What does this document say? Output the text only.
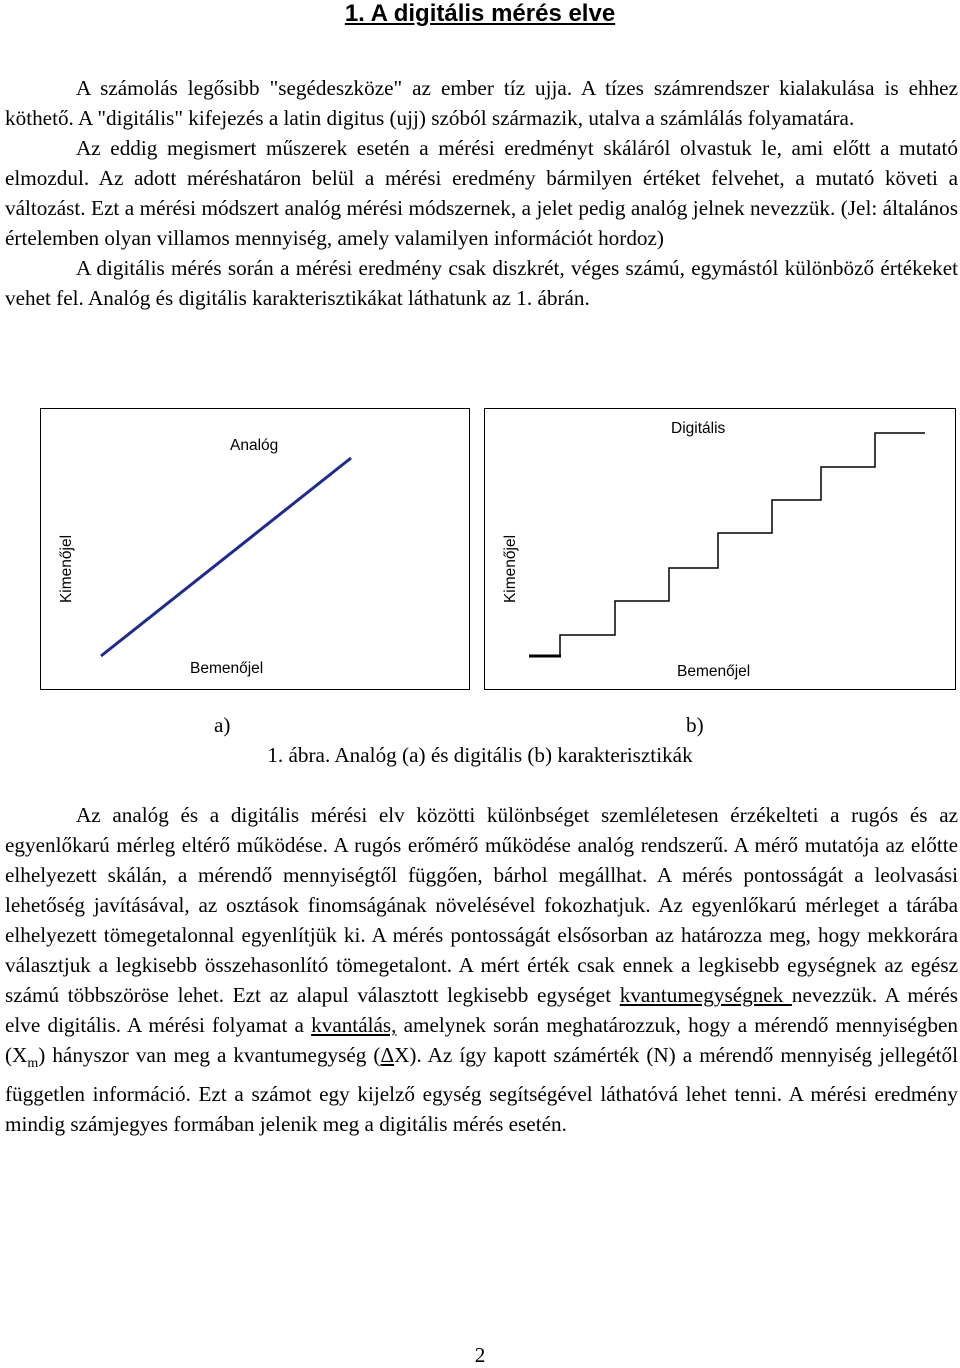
1. A digitális mérés elve

A számolás legősibb "segédeszköze" az ember tíz ujja. A tízes számrendszer kialakulása is ehhez köthető. A "digitális" kifejezés a latin digitus (ujj) szóból származik, utalva a számlálás folyamatára.
Az eddig megismert műszerek esetén a mérési eredményt skáláról olvastuk le, ami előtt a mutató elmozdul. Az adott méréshatáron belül a mérési eredmény bármilyen értéket felvehet, a mutató követi a változást. Ezt a mérési módszert analóg mérési módszernek, a jelet pedig analóg jelnek nevezzük. (Jel: általános értelemben olyan villamos mennyiség, amely valamilyen információt hordoz)
A digitális mérés során a mérési eredmény csak diszkrét, véges számú, egymástól különböző értékeket vehet fel. Analóg és digitális karakterisztikákat láthatunk az 1. ábrán.

Analóg
Kimenőjel
Bemenőjel
Digitális
Kimenőjel
Bemenőjel
a)	b)
1. ábra. Analóg (a) és digitális (b) karakterisztikák

Az analóg és a digitális mérési elv közötti különbséget szemléletesen érzékelteti a rugós és az egyenlőkarú mérleg eltérő működése. A rugós erőmérő működése analóg rendszerű. A mérő mutatója az előtte elhelyezett skálán, a mérendő mennyiségtől függően, bárhol megállhat. A mérés pontosságát a leolvasási lehetőség javításával, az osztások finomságának növelésével fokozhatjuk. Az egyenlőkarú mérleget a tárába elhelyezett tömegetalonnal egyenlítjük ki. A mérés pontosságát elsősorban az határozza meg, hogy mekkorára választjuk a legkisebb összehasonlító tömegetalont. A mért érték csak ennek a legkisebb egységnek az egész számú többszöröse lehet. Ezt az alapul választott legkisebb egységet kvantumegységnek nevezzük. A mérés elve digitális. A mérési folyamat a kvantálás, amelynek során meghatározzuk, hogy a mérendő mennyiségben $(X_m)$ hányszor van meg a kvantumegység (ΔX). Az így kapott számérték (N) a mérendő mennyiség jellegétől független információ. Ezt a számot egy kijelző egység segítségével láthatóvá lehet tenni. A mérési eredmény mindig számjegyes formában jelenik meg a digitális mérés esetén.

2
